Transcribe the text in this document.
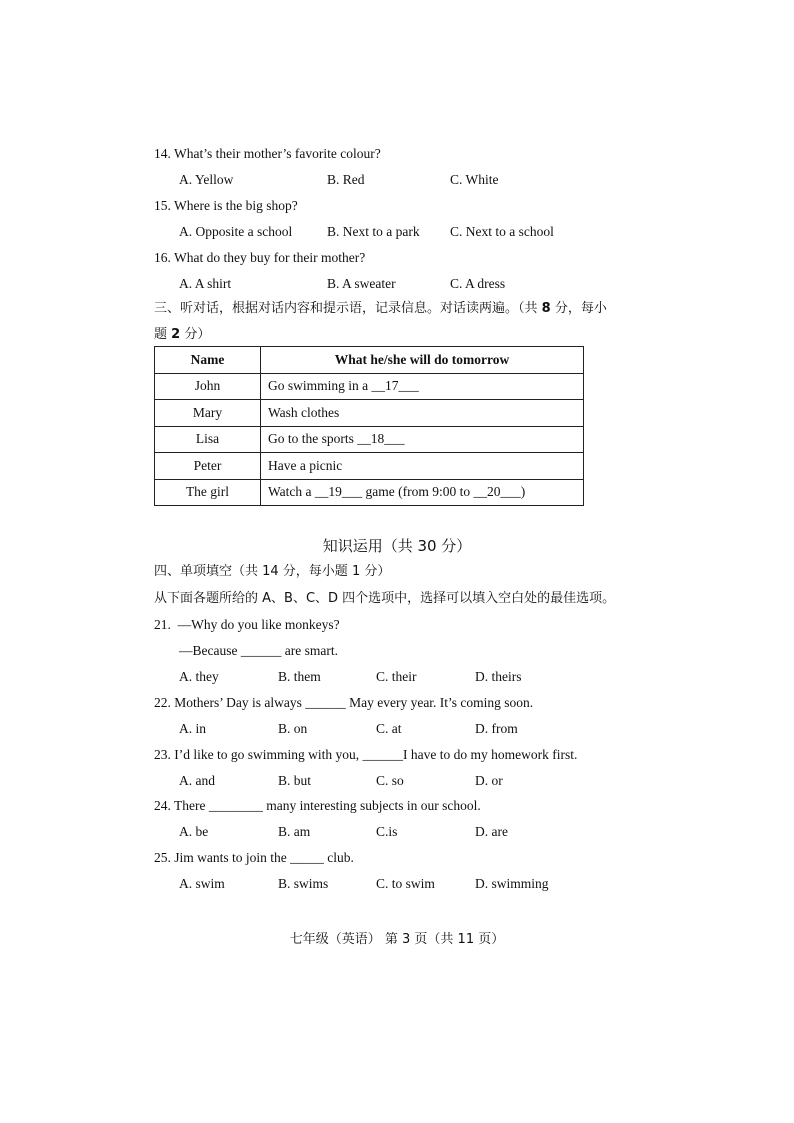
14. What’s their mother’s favorite colour?
A. Yellow	B. Red	C. White
15. Where is the big shop?
A. Opposite a school	B. Next to a park C. Next to a school
16. What do they buy for their mother?
A. A shirt	B. A sweater	C. A dress
三、听对话，根据对话内容和提示语，记录信息。对话读两遍。（共 8 分，每小
题 2 分）
Name	What he/she will do tomorrow
John	Go swimming in a __17___
Mary	Wash clothes
Lisa	Go to the sports __18___
Peter	Have a picnic
The girl	Watch a __19___ game (from 9:00 to __20___)
知识运用（共 30 分）
四、单项填空（共 14 分，每小题 1 分）
从下面各题所给的 A、B、C、D 四个选项中，选择可以填入空白处的最佳选项。
21.  —Why do you like monkeys?
—Because ______ are smart.
A. they	B. them	C. their	D. theirs
22. Mothers’ Day is always ______ May every year. It’s coming soon.
A. in	B. on	C. at	D. from
23. I’d like to go swimming with you, ______I have to do my homework first.
A. and	B. but	C. so	D. or
24. There ________ many interesting subjects in our school.
A. be	B. am	C.is	D. are
25. Jim wants to join the _____ club.
A. swim	B. swims	C. to swim	D. swimming
七年级（英语） 第 3 页（共 11 页）
